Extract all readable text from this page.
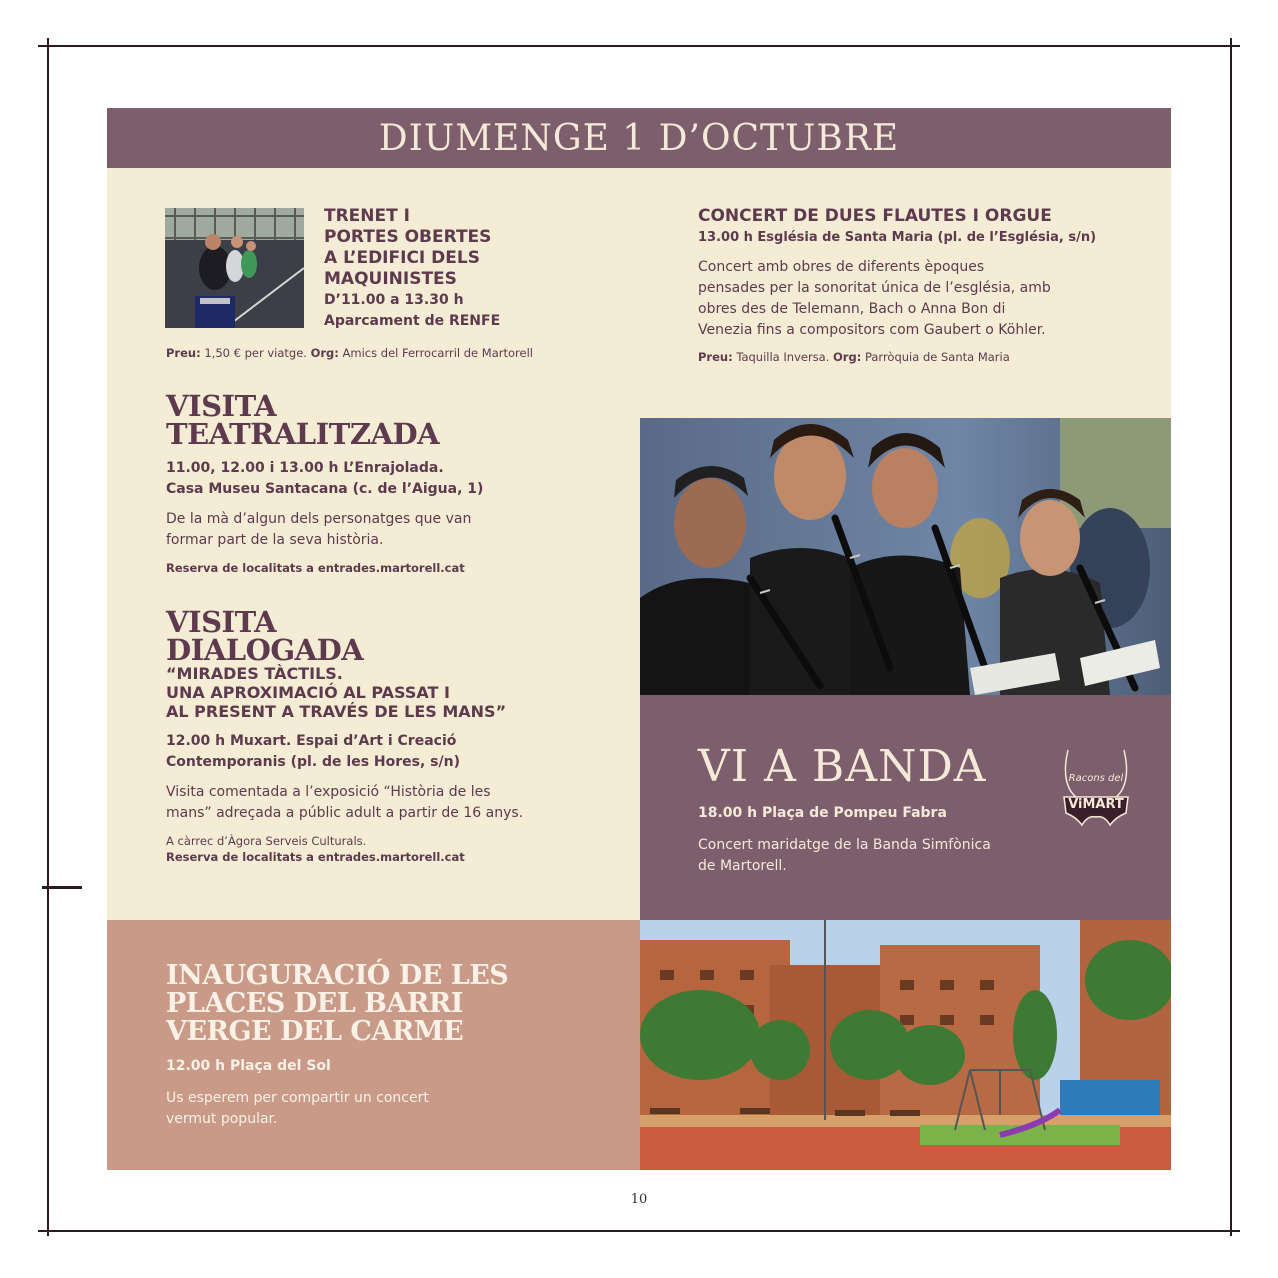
DIUMENGE 1 D’OCTUBRE
TRENET I
PORTES OBERTES
A L’EDIFICI DELS
MAQUINISTES
D’11.00 a 13.30 h
Aparcament de RENFE
Preu: 1,50 € per viatge. Org: Amics del Ferrocarril de Martorell
CONCERT DE DUES FLAUTES I ORGUE
13.00 h Església de Santa Maria (pl. de l’Església, s/n)
Concert amb obres de diferents èpoques
pensades per la sonoritat única de l’església, amb
obres des de Telemann, Bach o Anna Bon di
Venezia fins a compositors com Gaubert o Köhler.
Preu: Taquilla Inversa. Org: Parròquia de Santa Maria
VISITA
TEATRALITZADA
11.00, 12.00 i 13.00 h L’Enrajolada.
Casa Museu Santacana (c. de l’Aigua, 1)
De la mà d’algun dels personatges que van
formar part de la seva història.
Reserva de localitats a entrades.martorell.cat
VISITA
DIALOGADA
“MIRADES TÀCTILS.
UNA APROXIMACIÓ AL PASSAT I
AL PRESENT A TRAVÉS DE LES MANS”
12.00 h Muxart. Espai d’Art i Creació
Contemporanis (pl. de les Hores, s/n)
Visita comentada a l’exposició “Història de les
mans” adreçada a públic adult a partir de 16 anys.
A càrrec d’Àgora Serveis Culturals.
Reserva de localitats a entrades.martorell.cat
VI A BANDA
18.00 h Plaça de Pompeu Fabra
Concert maridatge de la Banda Simfònica
de Martorell.
Racons del
ViMART
INAUGURACIÓ DE LES
PLACES DEL BARRI
VERGE DEL CARME
12.00 h Plaça del Sol
Us esperem per compartir un concert
vermut popular.
10
